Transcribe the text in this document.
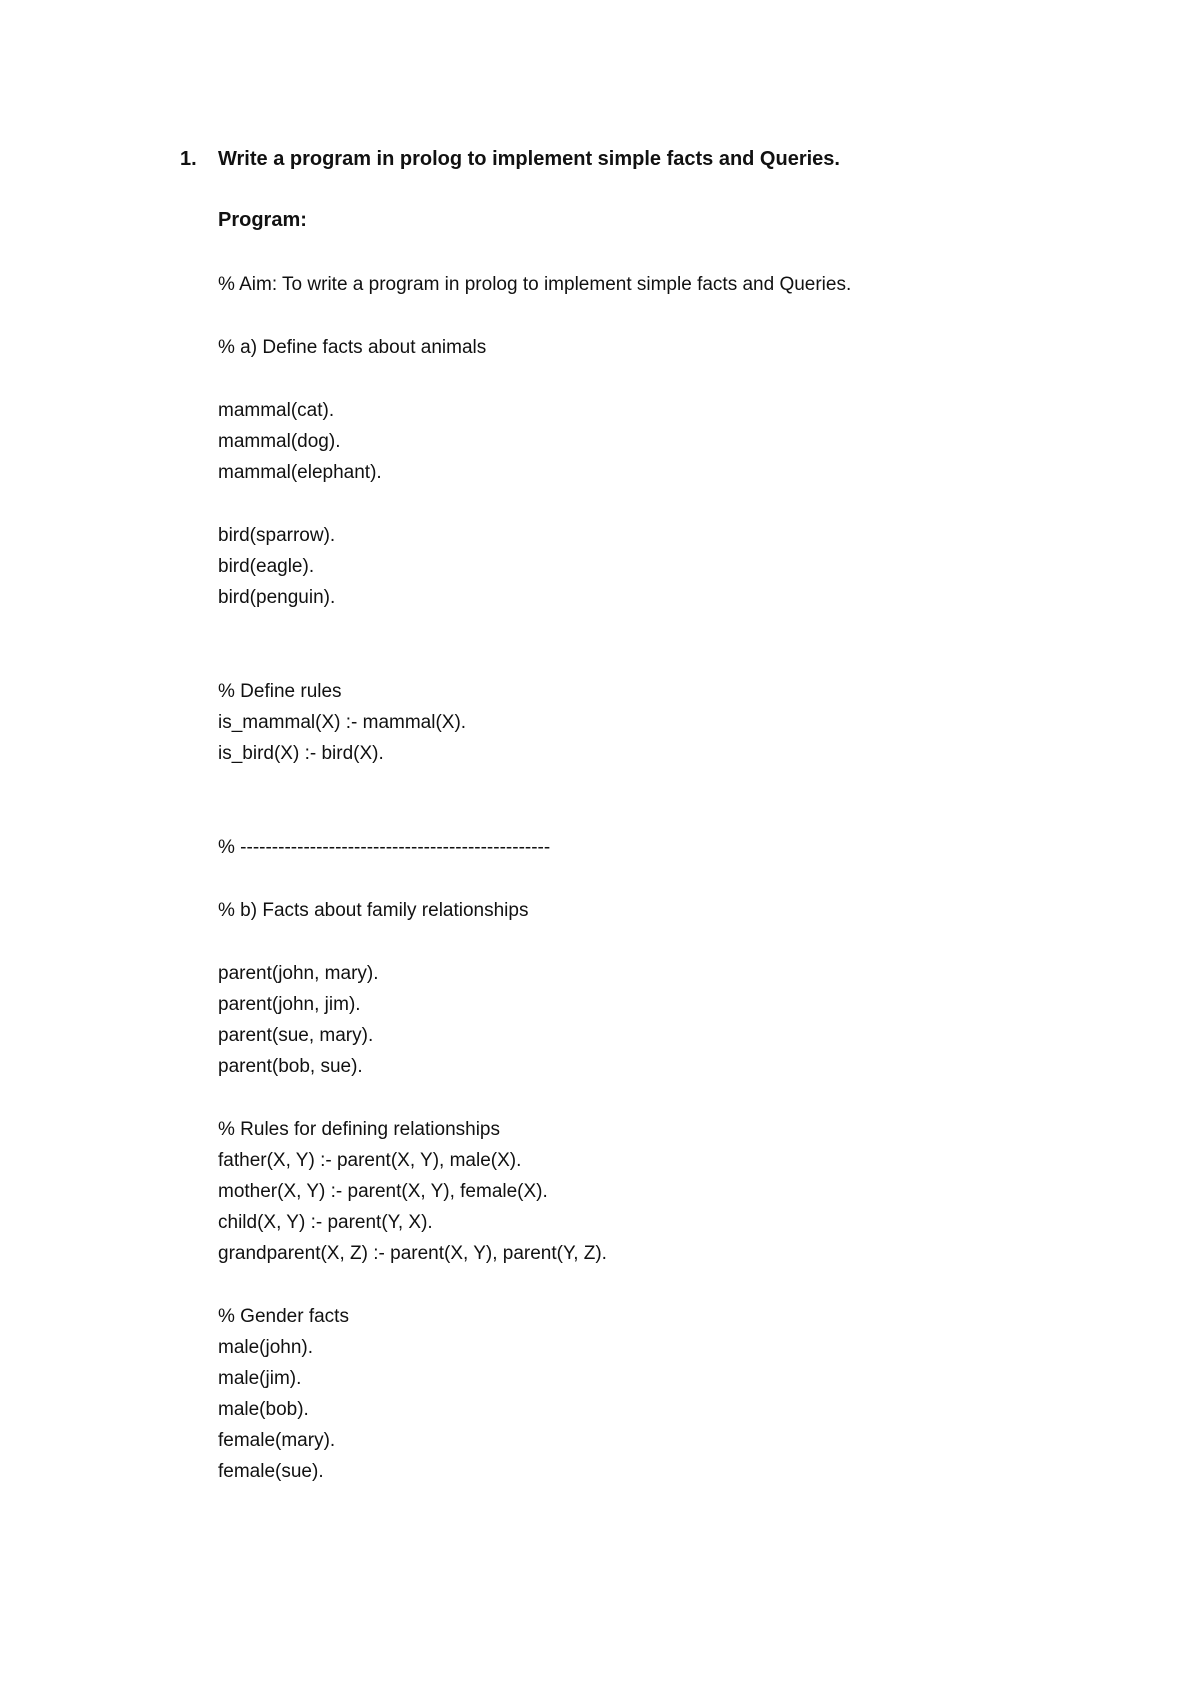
1. Write a program in prolog to implement simple facts and Queries.
Program:
% Aim: To write a program in prolog to implement simple facts and Queries.
% a) Define facts about animals
mammal(cat).
mammal(dog).
mammal(elephant).
bird(sparrow).
bird(eagle).
bird(penguin).
% Define rules
is_mammal(X) :- mammal(X).
is_bird(X) :- bird(X).
% -------------------------------------------------
% b) Facts about family relationships
parent(john, mary).
parent(john, jim).
parent(sue, mary).
parent(bob, sue).
% Rules for defining relationships
father(X, Y) :- parent(X, Y), male(X).
mother(X, Y) :- parent(X, Y), female(X).
child(X, Y) :- parent(Y, X).
grandparent(X, Z) :- parent(X, Y), parent(Y, Z).
% Gender facts
male(john).
male(jim).
male(bob).
female(mary).
female(sue).
